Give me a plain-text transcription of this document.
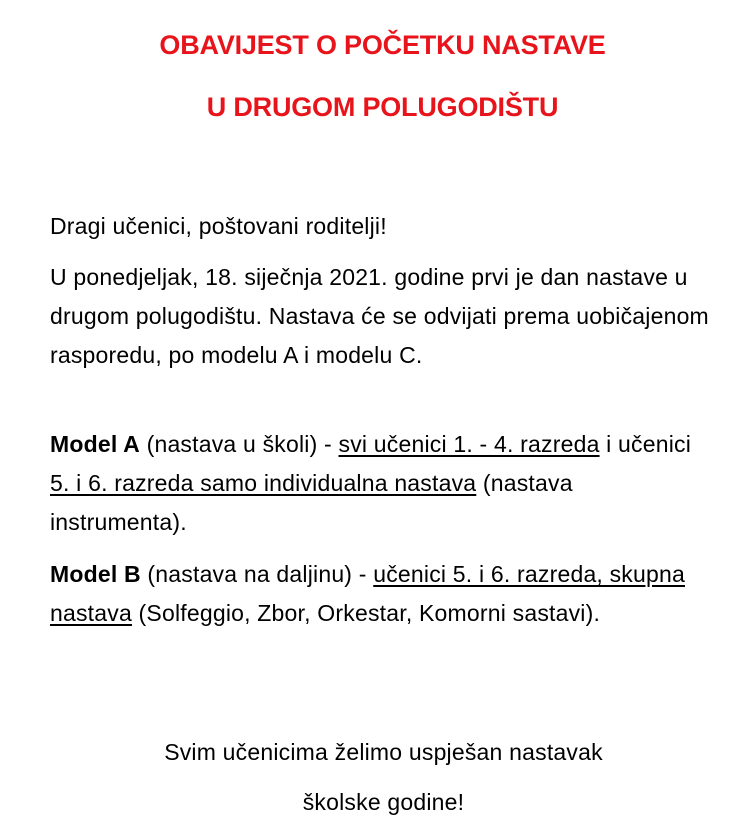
OBAVIJEST O POČETKU NASTAVE
U DRUGOM POLUGODIŠTU

Dragi učenici, poštovani roditelji!

U ponedjeljak, 18. siječnja 2021. godine prvi je dan nastave u drugom polugodištu. Nastava će se odvijati prema uobičajenom rasporedu, po modelu A i modelu C.

Model A (nastava u školi) - svi učenici 1. - 4. razreda i učenici 5. i 6. razreda samo individualna nastava (nastava instrumenta).

Model B (nastava na daljinu) - učenici 5. i 6. razreda, skupna nastava (Solfeggio, Zbor, Orkestar, Komorni sastavi).

Svim učenicima želimo uspješan nastavak

školske godine!
